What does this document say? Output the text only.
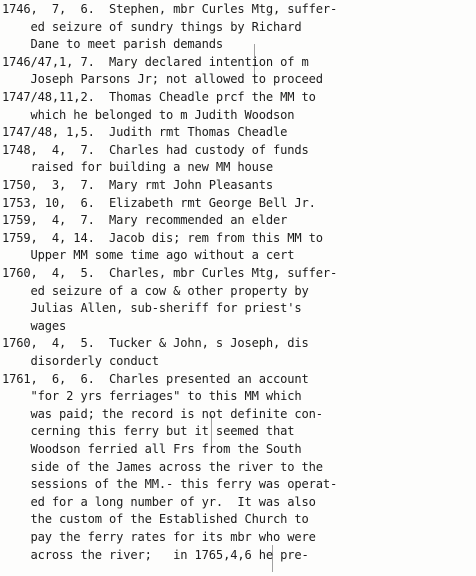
1746,  7,  6.  Stephen, mbr Curles Mtg, suffer-
ed seizure of sundry things by Richard
Dane to meet parish demands

1746/47,1, 7.  Mary declared intention of m
Joseph Parsons Jr; not allowed to proceed

1747/48,11,2.  Thomas Cheadle prcf the MM to
which he belonged to m Judith Woodson

1747/48, 1,5.  Judith rmt Thomas Cheadle

1748,  4,  7.  Charles had custody of funds
raised for building a new MM house

1750,  3,  7.  Mary rmt John Pleasants

1753, 10,  6.  Elizabeth rmt George Bell Jr.

1759,  4,  7.  Mary recommended an elder

1759,  4, 14.  Jacob dis; rem from this MM to
Upper MM some time ago without a cert

1760,  4,  5.  Charles, mbr Curles Mtg, suffer-
ed seizure of a cow & other property by
Julias Allen, sub-sheriff for priest's
wages

1760,  4,  5.  Tucker & John, s Joseph, dis
disorderly conduct

1761,  6,  6.  Charles presented an account
"for 2 yrs ferriages" to this MM which
was paid; the record is not definite con-
cerning this ferry but it seemed that
Woodson ferried all Frs from the South
side of the James across the river to the
sessions of the MM.- this ferry was operat-
ed for a long number of yr.  It was also
the custom of the Established Church to
pay the ferry rates for its mbr who were
across the river;   in 1765,4,6 he pre-
